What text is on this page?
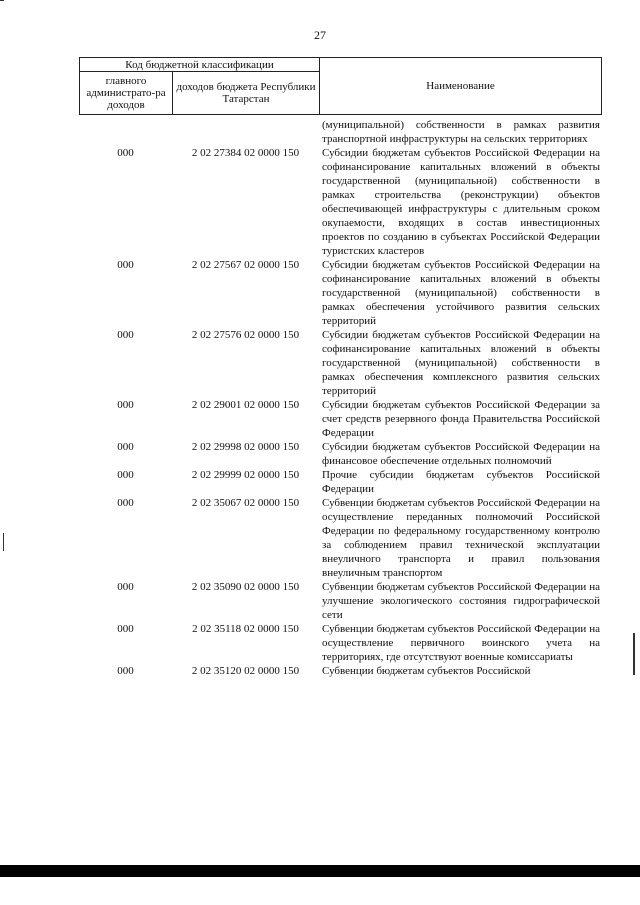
27
Код бюджетной классификации		Наименование
главного администрато-ра доходов	доходов бюджета Республики Татарстан	
(муниципальной) собственности в рамках развития транспортной инфраструктуры на сельских территориях
000	2 02 27384 02 0000 150	Субсидии бюджетам субъектов Российской Федерации на софинансирование капитальных вложений в объекты государственной (муниципальной) собственности в рамках строительства (реконструкции) объектов обеспечивающей инфраструктуры с длительным сроком окупаемости, входящих в состав инвестиционных проектов по созданию в субъектах Российской Федерации туристских кластеров
000	2 02 27567 02 0000 150	Субсидии бюджетам субъектов Российской Федерации на софинансирование капитальных вложений в объекты государственной (муниципальной) собственности в рамках обеспечения устойчивого развития сельских территорий
000	2 02 27576 02 0000 150	Субсидии бюджетам субъектов Российской Федерации на софинансирование капитальных вложений в объекты государственной (муниципальной) собственности в рамках обеспечения комплексного развития сельских территорий
000	2 02 29001 02 0000 150	Субсидии бюджетам субъектов Российской Федерации за счет средств резервного фонда Правительства Российской Федерации
000	2 02 29998 02 0000 150	Субсидии бюджетам субъектов Российской Федерации на финансовое обеспечение отдельных полномочий
000	2 02 29999 02 0000 150	Прочие субсидии бюджетам субъектов Российской Федерации
000	2 02 35067 02 0000 150	Субвенции бюджетам субъектов Российской Федерации на осуществление переданных полномочий Российской Федерации по федеральному государственному контролю за соблюдением правил технической эксплуатации внеуличного транспорта и правил пользования внеуличным транспортом
000	2 02 35090 02 0000 150	Субвенции бюджетам субъектов Российской Федерации на улучшение экологического состояния гидрографической сети
000	2 02 35118 02 0000 150	Субвенции бюджетам субъектов Российской Федерации на осуществление первичного воинского учета на территориях, где отсутствуют военные комиссариаты
000	2 02 35120 02 0000 150	Субвенции бюджетам субъектов Российской
